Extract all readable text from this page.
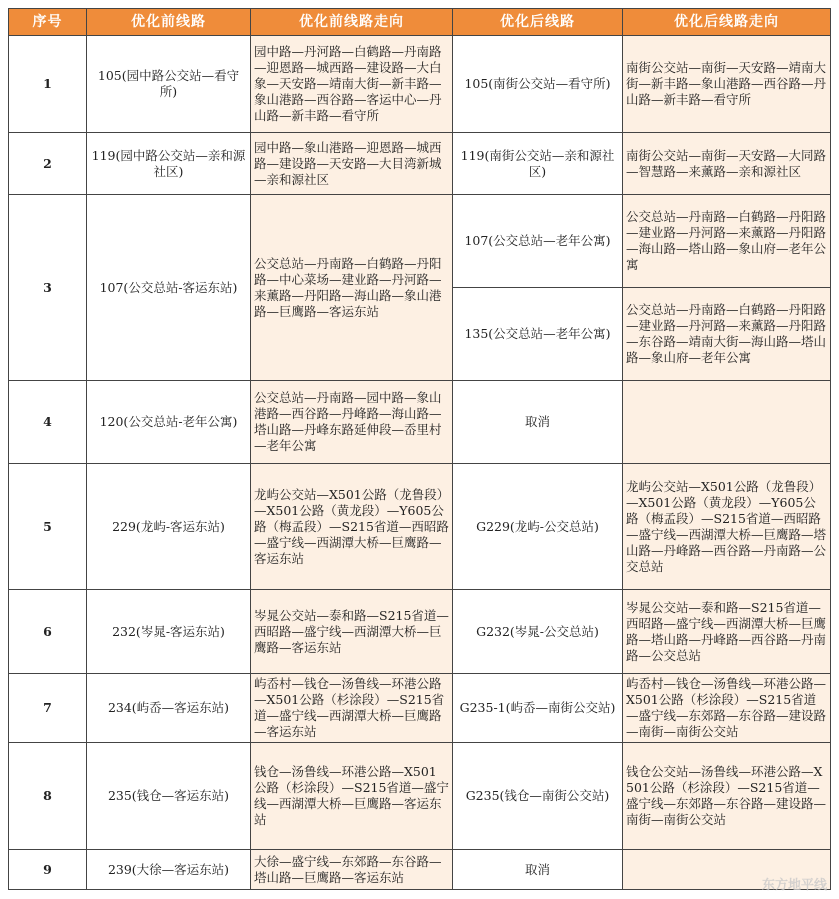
序号	优化前线路	优化前线路走向	优化后线路	优化后线路走向
1	105(园中路公交站—看守所)	园中路—丹河路—白鹤路—丹南路—迎恩路—城西路—建设路—大白象—天安路—靖南大街—新丰路—象山港路—西谷路—客运中心—丹山路—新丰路—看守所	105(南街公交站—看守所)	南街公交站—南街—天安路—靖南大街—新丰路—象山港路—西谷路—丹山路—新丰路—看守所
2	119(园中路公交站—亲和源社区)	园中路—象山港路—迎恩路—城西路—建设路—天安路—大目湾新城—亲和源社区	119(南街公交站—亲和源社区)	南街公交站—南街—天安路—大同路—智慧路—来薰路—亲和源社区
3	107(公交总站-客运东站)	公交总站—丹南路—白鹤路—丹阳路—中心菜场—建业路—丹河路—来薰路—丹阳路—海山路—象山港路—巨鹰路—客运东站	107(公交总站—老年公寓)	公交总站—丹南路—白鹤路—丹阳路—建业路—丹河路—来薰路—丹阳路—海山路—塔山路—象山府—老年公寓
			135(公交总站—老年公寓)	公交总站—丹南路—白鹤路—丹阳路—建业路—丹河路—来薰路—丹阳路—东谷路—靖南大街—海山路—塔山路—象山府—老年公寓
4	120(公交总站-老年公寓)	公交总站—丹南路—园中路—象山港路—西谷路—丹峰路—海山路—塔山路—丹峰东路延伸段—岙里村—老年公寓	取消	
5	229(龙屿-客运东站)	龙屿公交站—X501公路（龙鲁段）—X501公路（黄龙段）—Y605公路（梅孟段）—S215省道—西昭路—盛宁线—西湖潭大桥—巨鹰路—客运东站	G229(龙屿-公交总站)	龙屿公交站—X501公路（龙鲁段）—X501公路（黄龙段）—Y605公路（梅孟段）—S215省道—西昭路—盛宁线—西湖潭大桥—巨鹰路—塔山路—丹峰路—西谷路—丹南路—公交总站
6	232(岑晁-客运东站)	岑晁公交站—泰和路—S215省道—西昭路—盛宁线—西湖潭大桥—巨鹰路—客运东站	G232(岑晁-公交总站)	岑晁公交站—泰和路—S215省道—西昭路—盛宁线—西湖潭大桥—巨鹰路—塔山路—丹峰路—西谷路—丹南路—公交总站
7	234(屿岙—客运东站)	屿岙村—钱仓—汤鲁线—环港公路—X501公路（杉涂段）—S215省道—盛宁线—西湖潭大桥—巨鹰路—客运东站	G235-1(屿岙—南街公交站)	屿岙村—钱仓—汤鲁线—环港公路—X501公路（杉涂段）—S215省道—盛宁线—东郊路—东谷路—建设路—南街—南街公交站
8	235(钱仓—客运东站)	钱仓—汤鲁线—环港公路—X501公路（杉涂段）—S215省道—盛宁线—西湖潭大桥—巨鹰路—客运东站	G235(钱仓—南街公交站)	钱仓公交站—汤鲁线—环港公路—X501公路（杉涂段）—S215省道—盛宁线—东郊路—东谷路—建设路—南街—南街公交站
9	239(大徐—客运东站)	大徐—盛宁线—东郊路—东谷路—塔山路—巨鹰路—客运东站	取消	
东方地平线
